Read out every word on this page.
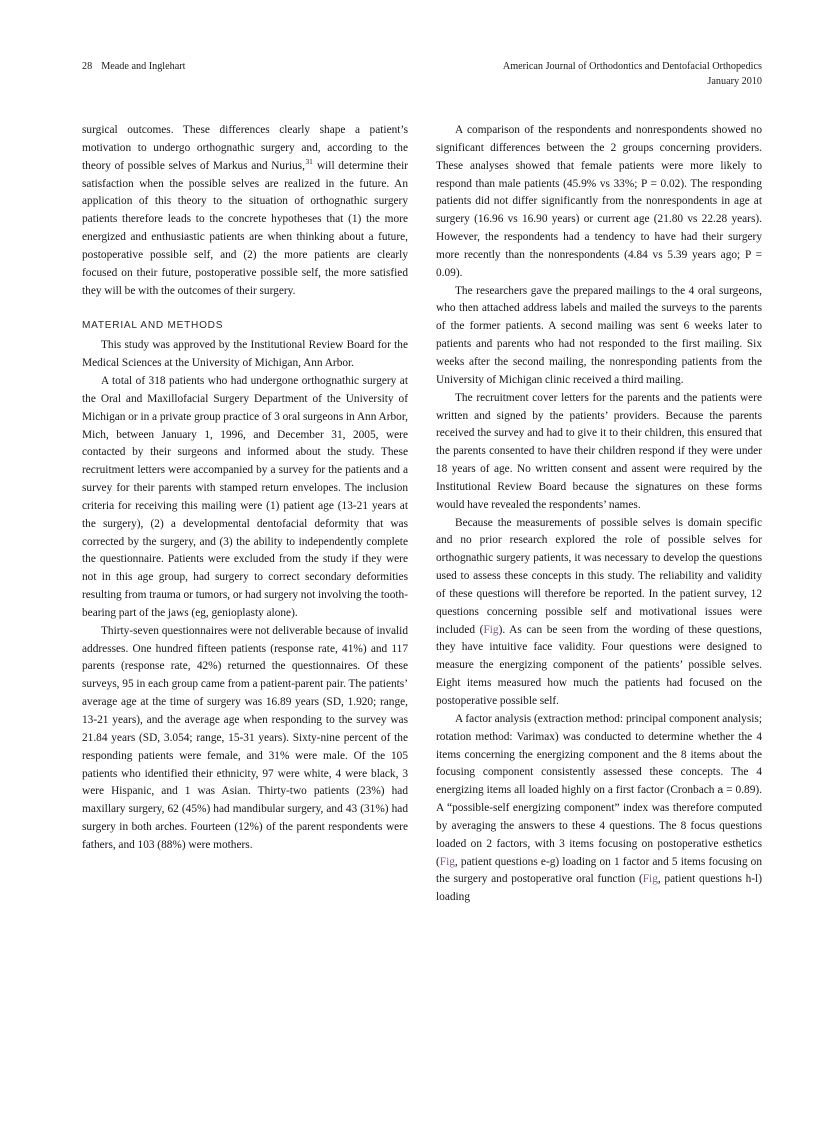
28 Meade and Inglehart	American Journal of Orthodontics and Dentofacial Orthopedics
January 2010

surgical outcomes. These differences clearly shape a patient’s motivation to undergo orthognathic surgery and, according to the theory of possible selves of Markus and Nurius,$^{31}$ will determine their satisfaction when the possible selves are realized in the future. An application of this theory to the situation of orthognathic surgery patients therefore leads to the concrete hypotheses that (1) the more energized and enthusiastic patients are when thinking about a future, postoperative possible self, and (2) the more patients are clearly focused on their future, postoperative possible self, the more satisfied they will be with the outcomes of their surgery.

MATERIAL AND METHODS

This study was approved by the Institutional Review Board for the Medical Sciences at the University of Michigan, Ann Arbor.

A total of 318 patients who had undergone orthognathic surgery at the Oral and Maxillofacial Surgery Department of the University of Michigan or in a private group practice of 3 oral surgeons in Ann Arbor, Mich, between January 1, 1996, and December 31, 2005, were contacted by their surgeons and informed about the study. These recruitment letters were accompanied by a survey for the patients and a survey for their parents with stamped return envelopes. The inclusion criteria for receiving this mailing were (1) patient age (13-21 years at the surgery), (2) a developmental dentofacial deformity that was corrected by the surgery, and (3) the ability to independently complete the questionnaire. Patients were excluded from the study if they were not in this age group, had surgery to correct secondary deformities resulting from trauma or tumors, or had surgery not involving the tooth-bearing part of the jaws (eg, genioplasty alone).

Thirty-seven questionnaires were not deliverable because of invalid addresses. One hundred fifteen patients (response rate, 41%) and 117 parents (response rate, 42%) returned the questionnaires. Of these surveys, 95 in each group came from a patient-parent pair. The patients’ average age at the time of surgery was 16.89 years (SD, 1.920; range, 13-21 years), and the average age when responding to the survey was 21.84 years (SD, 3.054; range, 15-31 years). Sixty-nine percent of the responding patients were female, and 31% were male. Of the 105 patients who identified their ethnicity, 97 were white, 4 were black, 3 were Hispanic, and 1 was Asian. Thirty-two patients (23%) had maxillary surgery, 62 (45%) had mandibular surgery, and 43 (31%) had surgery in both arches. Fourteen (12%) of the parent respondents were fathers, and 103 (88%) were mothers.

A comparison of the respondents and nonrespondents showed no significant differences between the 2 groups concerning providers. These analyses showed that female patients were more likely to respond than male patients (45.9% vs 33%; P = 0.02). The responding patients did not differ significantly from the nonrespondents in age at surgery (16.96 vs 16.90 years) or current age (21.80 vs 22.28 years). However, the respondents had a tendency to have had their surgery more recently than the nonrespondents (4.84 vs 5.39 years ago; P = 0.09).

The researchers gave the prepared mailings to the 4 oral surgeons, who then attached address labels and mailed the surveys to the parents of the former patients. A second mailing was sent 6 weeks later to patients and parents who had not responded to the first mailing. Six weeks after the second mailing, the nonresponding patients from the University of Michigan clinic received a third mailing.

The recruitment cover letters for the parents and the patients were written and signed by the patients’ providers. Because the parents received the survey and had to give it to their children, this ensured that the parents consented to have their children respond if they were under 18 years of age. No written consent and assent were required by the Institutional Review Board because the signatures on these forms would have revealed the respondents’ names.

Because the measurements of possible selves is domain specific and no prior research explored the role of possible selves for orthognathic surgery patients, it was necessary to develop the questions used to assess these concepts in this study. The reliability and validity of these questions will therefore be reported. In the patient survey, 12 questions concerning possible self and motivational issues were included (Fig). As can be seen from the wording of these questions, they have intuitive face validity. Four questions were designed to measure the energizing component of the patients’ possible selves. Eight items measured how much the patients had focused on the postoperative possible self.

A factor analysis (extraction method: principal component analysis; rotation method: Varimax) was conducted to determine whether the 4 items concerning the energizing component and the 8 items about the focusing component consistently assessed these concepts. The 4 energizing items all loaded highly on a first factor (Cronbach a = 0.89). A “possible-self energizing component” index was therefore computed by averaging the answers to these 4 questions. The 8 focus questions loaded on 2 factors, with 3 items focusing on postoperative esthetics (Fig, patient questions e-g) loading on 1 factor and 5 items focusing on the surgery and postoperative oral function (Fig, patient questions h-l) loading
